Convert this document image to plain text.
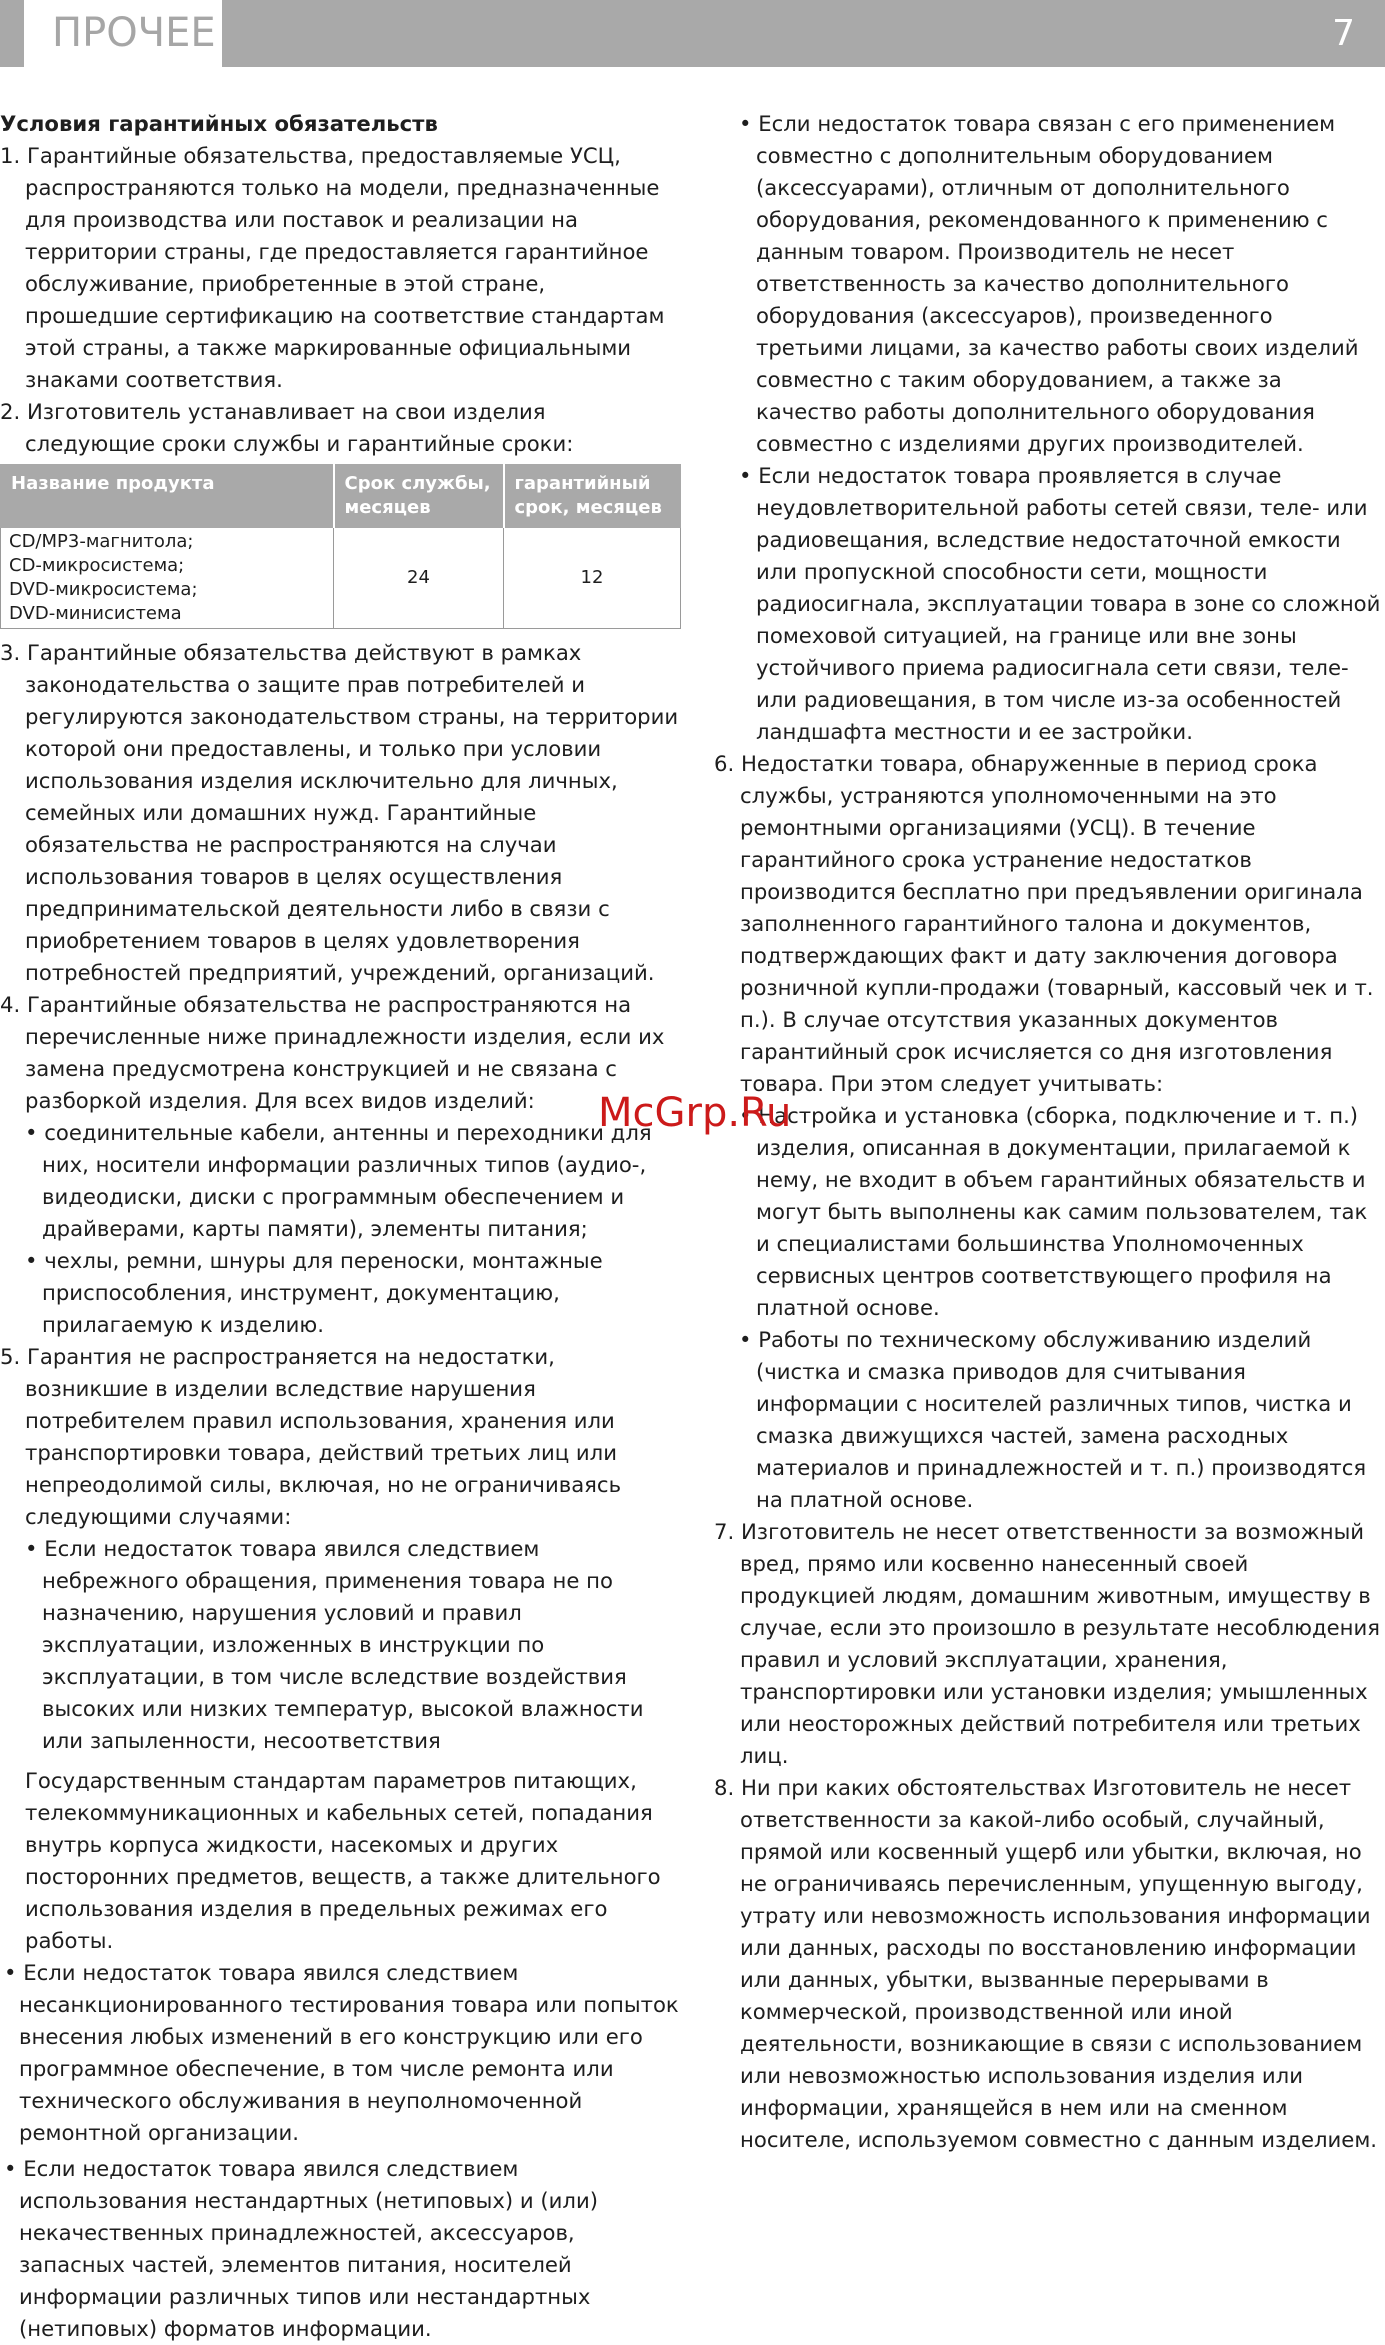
ПРОЧЕЕ	7

Условия гарантийных обязательств

1. Гарантийные обязательства, предоставляемые УСЦ, распространяются только на модели, предназначенные для производства или поставок и реализации на территории страны, где предоставляется гарантийное обслуживание, приобретенные в этой стране, прошедшие сертификацию на соответствие стандартам этой страны, а также маркированные официальными знаками соответствия.

2. Изготовитель устанавливает на свои изделия следующие сроки службы и гарантийные сроки:

Название продукта	Срок службы, месяцев	гарантийный срок, месяцев

CD/MP3-магнитола;
CD-микросистема;
DVD-микросистема;
DVD-минисистема	24	12

3. Гарантийные обязательства действуют в рамках законодательства о защите прав потребителей и регулируются законодательством страны, на территории которой они предоставлены, и только при условии использования изделия исключительно для личных, семейных или домашних нужд. Гарантийные обязательства не распространяются на случаи использования товаров в целях осуществления предпринимательской деятельности либо в связи с приобретением товаров в целях удовлетворения потребностей предприятий, учреждений, организаций.

4. Гарантийные обязательства не распространяются на перечисленные ниже принадлежности изделия, если их замена предусмотрена конструкцией и не связана с разборкой изделия. Для всех видов изделий:

• соединительные кабели, антенны и переходники для них, носители информации различных типов (аудио-, видеодиски, диски с программным обеспечением и драйверами, карты памяти), элементы питания;

• чехлы, ремни, шнуры для переноски, монтажные приспособления, инструмент, документацию, прилагаемую к изделию.

5. Гарантия не распространяется на недостатки, возникшие в изделии вследствие нарушения потребителем правил использования, хранения или транспортировки товара, действий третьих лиц или непреодолимой силы, включая, но не ограничиваясь следующими случаями:

• Если недостаток товара явился следствием небрежного обращения, применения товара не по назначению, нарушения условий и правил эксплуатации, изложенных в инструкции по эксплуатации, в том числе вследствие воздействия высоких или низких температур, высокой влажности или запыленности, несоответствия

Государственным стандартам параметров питающих, телекоммуникационных и кабельных сетей, попадания внутрь корпуса жидкости, насекомых и других посторонних предметов, веществ, а также длительного использования изделия в предельных режимах его работы.

• Если недостаток товара явился следствием несанкционированного тестирования товара или попыток внесения любых изменений в его конструкцию или его программное обеспечение, в том числе ремонта или технического обслуживания в неуполномоченной ремонтной организации.

• Если недостаток товара явился следствием использования нестандартных (нетиповых) и (или) некачественных принадлежностей, аксессуаров, запасных частей, элементов питания, носителей информации различных типов или нестандартных (нетиповых) форматов информации.

• Если недостаток товара связан с его применением совместно с дополнительным оборудованием (аксессуарами), отличным от дополнительного оборудования, рекомендованного к применению с данным товаром. Производитель не несет ответственность за качество дополнительного оборудования (аксессуаров), произведенного третьими лицами, за качество работы своих изделий совместно с таким оборудованием, а также за качество работы дополнительного оборудования совместно с изделиями других производителей.

• Если недостаток товара проявляется в случае неудовлетворительной работы сетей связи, теле- или радиовещания, вследствие недостаточной емкости или пропускной способности сети, мощности радиосигнала, эксплуатации товара в зоне со сложной помеховой ситуацией, на границе или вне зоны устойчивого приема радиосигнала сети связи, теле- или радиовещания, в том числе из-за особенностей ландшафта местности и ее застройки.

6. Недостатки товара, обнаруженные в период срока службы, устраняются уполномоченными на это ремонтными организациями (УСЦ). В течение гарантийного срока устранение недостатков производится бесплатно при предъявлении оригинала заполненного гарантийного талона и документов, подтверждающих факт и дату заключения договора розничной купли-продажи (товарный, кассовый чек и т. п.). В случае отсутствия указанных документов гарантийный срок исчисляется со дня изготовления товара. При этом следует учитывать:

• Настройка и установка (сборка, подключение и т. п.) изделия, описанная в документации, прилагаемой к нему, не входит в объем гарантийных обязательств и могут быть выполнены как самим пользователем, так и специалистами большинства Уполномоченных сервисных центров соответствующего профиля на платной основе.

• Работы по техническому обслуживанию изделий (чистка и смазка приводов для считывания информации с носителей различных типов, чистка и смазка движущихся частей, замена расходных материалов и принадлежностей и т. п.) производятся на платной основе.

7. Изготовитель не несет ответственности за возможный вред, прямо или косвенно нанесенный своей продукцией людям, домашним животным, имуществу в случае, если это произошло в результате несоблюдения правил и условий эксплуатации, хранения, транспортировки или установки изделия; умышленных или неосторожных действий потребителя или третьих лиц.

8. Ни при каких обстоятельствах Изготовитель не несет ответственности за какой-либо особый, случайный, прямой или косвенный ущерб или убытки, включая, но не ограничиваясь перечисленным, упущенную выгоду, утрату или невозможность использования информации или данных, расходы по восстановлению информации или данных, убытки, вызванные перерывами в коммерческой, производственной или иной деятельности, возникающие в связи с использованием или невозможностью использования изделия или информации, хранящейся в нем или на сменном носителе, используемом совместно с данным изделием.

McGrp.Ru
